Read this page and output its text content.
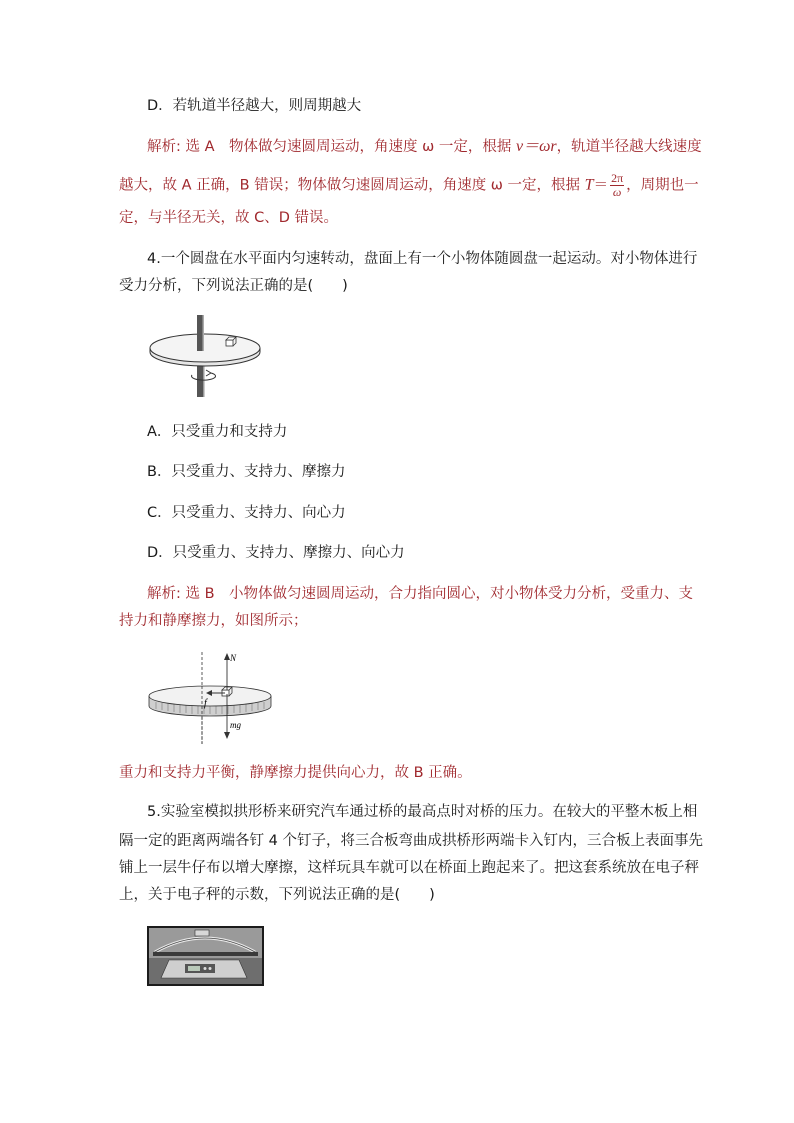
D．若轨道半径越大，则周期越大
解析: 选 A　物体做匀速圆周运动，角速度 ω 一定，根据 v＝ωr，轨道半径越大线速度
越大，故 A 正确，B 错误；物体做匀速圆周运动，角速度 ω 一定，根据 $T= \frac{2\pi}{\omega}$ ，周期也一
定，与半径无关，故 C、D 错误。
4.一个圆盘在水平面内匀速转动，盘面上有一个小物体随圆盘一起运动。对小物体进行
受力分析，下列说法正确的是(　　)
A．只受重力和支持力
B．只受重力、支持力、摩擦力
C．只受重力、支持力、向心力
D．只受重力、支持力、摩擦力、向心力
解析: 选 B　小物体做匀速圆周运动，合力指向圆心，对小物体受力分析，受重力、支
持力和静摩擦力，如图所示；
N
f
mg
重力和支持力平衡，静摩擦力提供向心力，故 B 正确。
5.实验室模拟拱形桥来研究汽车通过桥的最高点时对桥的压力。在较大的平整木板上相
隔一定的距离两端各钉 4 个钉子，将三合板弯曲成拱桥形两端卡入钉内，三合板上表面事先
铺上一层牛仔布以增大摩擦，这样玩具车就可以在桥面上跑起来了。把这套系统放在电子秤
上，关于电子秤的示数，下列说法正确的是(　　)
